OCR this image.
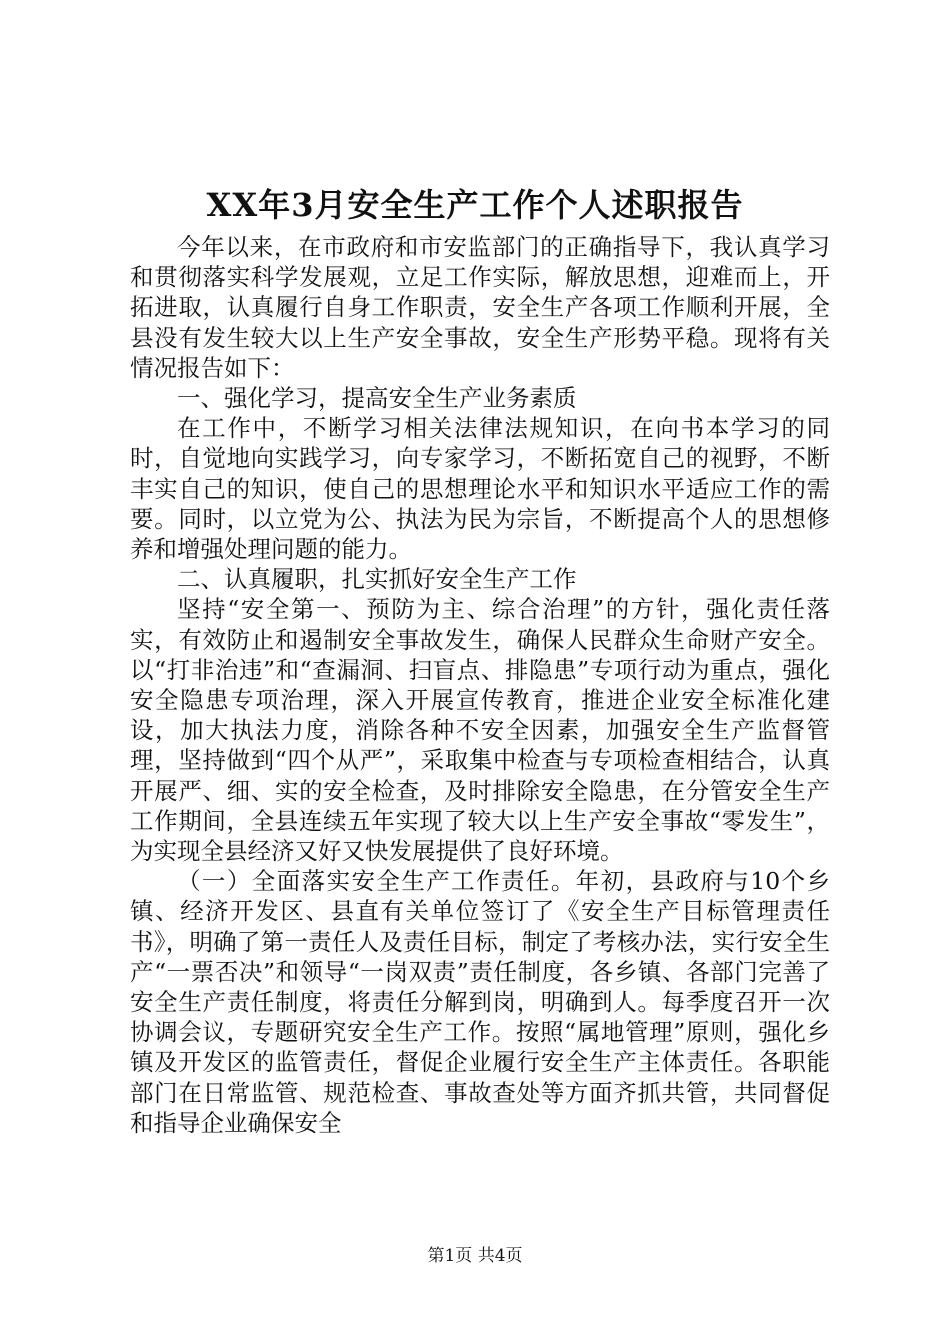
XX年3月安全生产工作个人述职报告

今年以来，在市政府和市安监部门的正确指导下，我认真学习和贯彻落实科学发展观，立足工作实际，解放思想，迎难而上，开拓进取，认真履行自身工作职责，安全生产各项工作顺利开展，全县没有发生较大以上生产安全事故，安全生产形势平稳。现将有关情况报告如下：

一、强化学习，提高安全生产业务素质

在工作中，不断学习相关法律法规知识，在向书本学习的同时，自觉地向实践学习，向专家学习，不断拓宽自己的视野，不断丰实自己的知识，使自己的思想理论水平和知识水平适应工作的需要。同时，以立党为公、执法为民为宗旨，不断提高个人的思想修养和增强处理问题的能力。

二、认真履职，扎实抓好安全生产工作

坚持“安全第一、预防为主、综合治理”的方针，强化责任落实，有效防止和遏制安全事故发生，确保人民群众生命财产安全。以“打非治违”和“查漏洞、扫盲点、排隐患”专项行动为重点，强化安全隐患专项治理，深入开展宣传教育，推进企业安全标准化建设，加大执法力度，消除各种不安全因素，加强安全生产监督管理，坚持做到“四个从严”，采取集中检查与专项检查相结合，认真开展严、细、实的安全检查，及时排除安全隐患，在分管安全生产工作期间，全县连续五年实现了较大以上生产安全事故“零发生”，为实现全县经济又好又快发展提供了良好环境。

（一）全面落实安全生产工作责任。年初，县政府与10个乡镇、经济开发区、县直有关单位签订了《安全生产目标管理责任书》，明确了第一责任人及责任目标，制定了考核办法，实行安全生产“一票否决”和领导“一岗双责”责任制度，各乡镇、各部门完善了安全生产责任制度，将责任分解到岗，明确到人。每季度召开一次协调会议，专题研究安全生产工作。按照“属地管理”原则，强化乡镇及开发区的监管责任，督促企业履行安全生产主体责任。各职能部门在日常监管、规范检查、事故查处等方面齐抓共管，共同督促和指导企业确保安全

第1页 共4页
